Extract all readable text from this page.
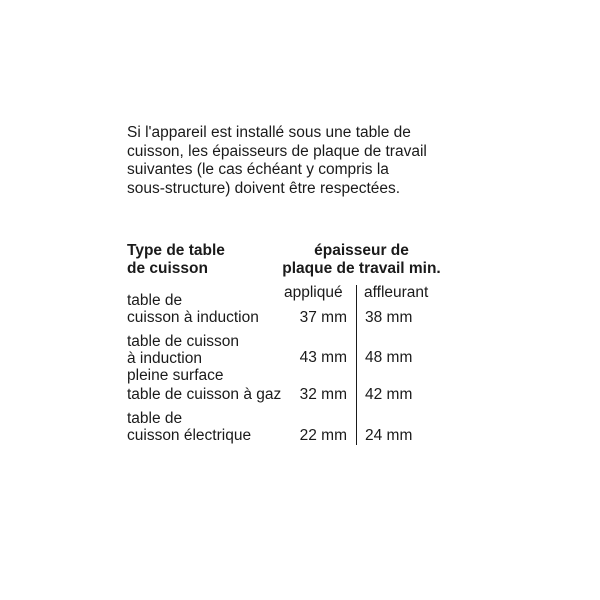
Si l'appareil est installé sous une table de
cuisson, les épaisseurs de plaque de travail
suivantes (le cas échéant y compris la
sous-structure) doivent être respectées.
Type de table
de cuisson
épaisseur de
plaque de travail min.
appliqué affleurant
table de
cuisson à induction	37 mm 38 mm
table de cuisson
à induction
pleine surface
43 mm 48 mm
table de cuisson à gaz	32 mm 42 mm
table de
cuisson électrique	22 mm 24 mm
